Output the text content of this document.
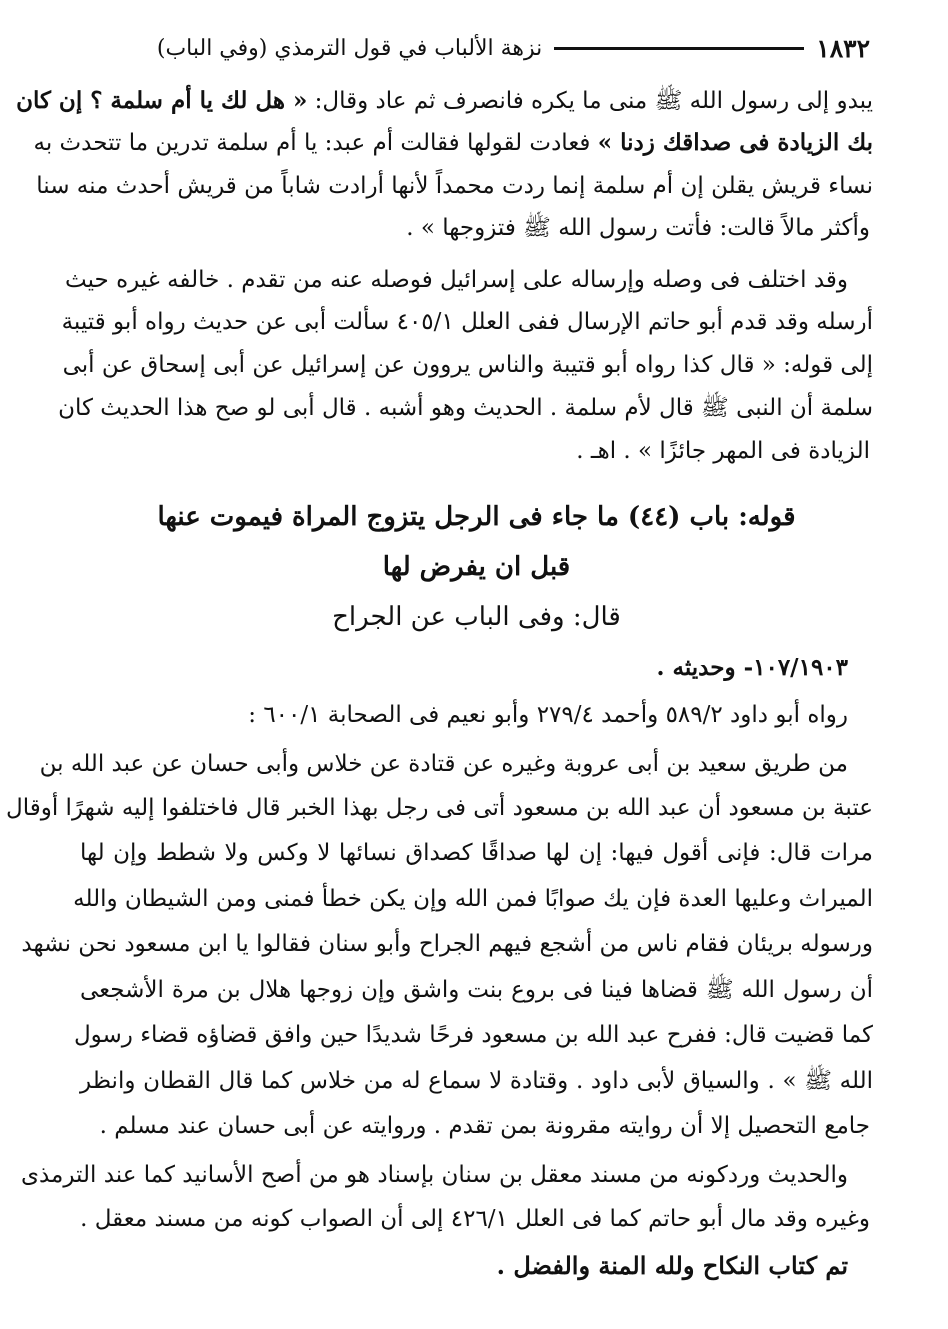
١٨٣٢
نزهة الألباب في قول الترمذي (وفي الباب)
يبدو إلى رسول الله ﷺ منى ما يكره فانصرف ثم عاد وقال: « هل لك يا أم سلمة ؟ إن كان
بك الزيادة فى صداقك زدنا » فعادت لقولها فقالت أم عبد: يا أم سلمة تدرين ما تتحدث به
نساء قريش يقلن إن أم سلمة إنما ردت محمداً لأنها أرادت شاباً من قريش أحدث منه سنا
وأكثر مالاً قالت: فأتت رسول الله ﷺ فتزوجها » .
وقد اختلف فى وصله وإرساله على إسرائيل فوصله عنه من تقدم . خالفه غيره حيث
أرسله وقد قدم أبو حاتم الإرسال ففى العلل ٤٠٥/١ سألت أبى عن حديث رواه أبو قتيبة
إلى قوله: « قال كذا رواه أبو قتيبة والناس يروون عن إسرائيل عن أبى إسحاق عن أبى
سلمة أن النبى ﷺ قال لأم سلمة . الحديث وهو أشبه . قال أبى لو صح هذا الحديث كان
الزيادة فى المهر جائزًا » . اهـ .
قوله: باب (٤٤) ما جاء فى الرجل يتزوج المراة فيموت عنها
قبل ان يفرض لها
قال: وفى الباب عن الجراح
١٠٧/١٩٠٣- وحديثه .
رواه أبو داود ٥٨٩/٢ وأحمد ٢٧٩/٤ وأبو نعيم فى الصحابة ٦٠٠/١ :
من طريق سعيد بن أبى عروبة وغيره عن قتادة عن خلاس وأبى حسان عن عبد الله بن
عتبة بن مسعود أن عبد الله بن مسعود أتى فى رجل بهذا الخبر قال فاختلفوا إليه شهرًا أوقال
مرات قال: فإنى أقول فيها: إن لها صداقًا كصداق نسائها لا وكس ولا شطط وإن لها
الميراث وعليها العدة فإن يك صوابًا فمن الله وإن يكن خطأ فمنى ومن الشيطان والله
ورسوله بريئان فقام ناس من أشجع فيهم الجراح وأبو سنان فقالوا يا ابن مسعود نحن نشهد
أن رسول الله ﷺ قضاها فينا فى بروع بنت واشق وإن زوجها هلال بن مرة الأشجعى
كما قضيت قال: ففرح عبد الله بن مسعود فرحًا شديدًا حين وافق قضاؤه قضاء رسول
الله ﷺ » . والسياق لأبى داود . وقتادة لا سماع له من خلاس كما قال القطان وانظر
جامع التحصيل إلا أن روايته مقرونة بمن تقدم . وروايته عن أبى حسان عند مسلم .
والحديث وردكونه من مسند معقل بن سنان بإسناد هو من أصح الأسانيد كما عند الترمذى
وغيره وقد مال أبو حاتم كما فى العلل ٤٢٦/١ إلى أن الصواب كونه من مسند معقل .
تم كتاب النكاح ولله المنة والفضل .
